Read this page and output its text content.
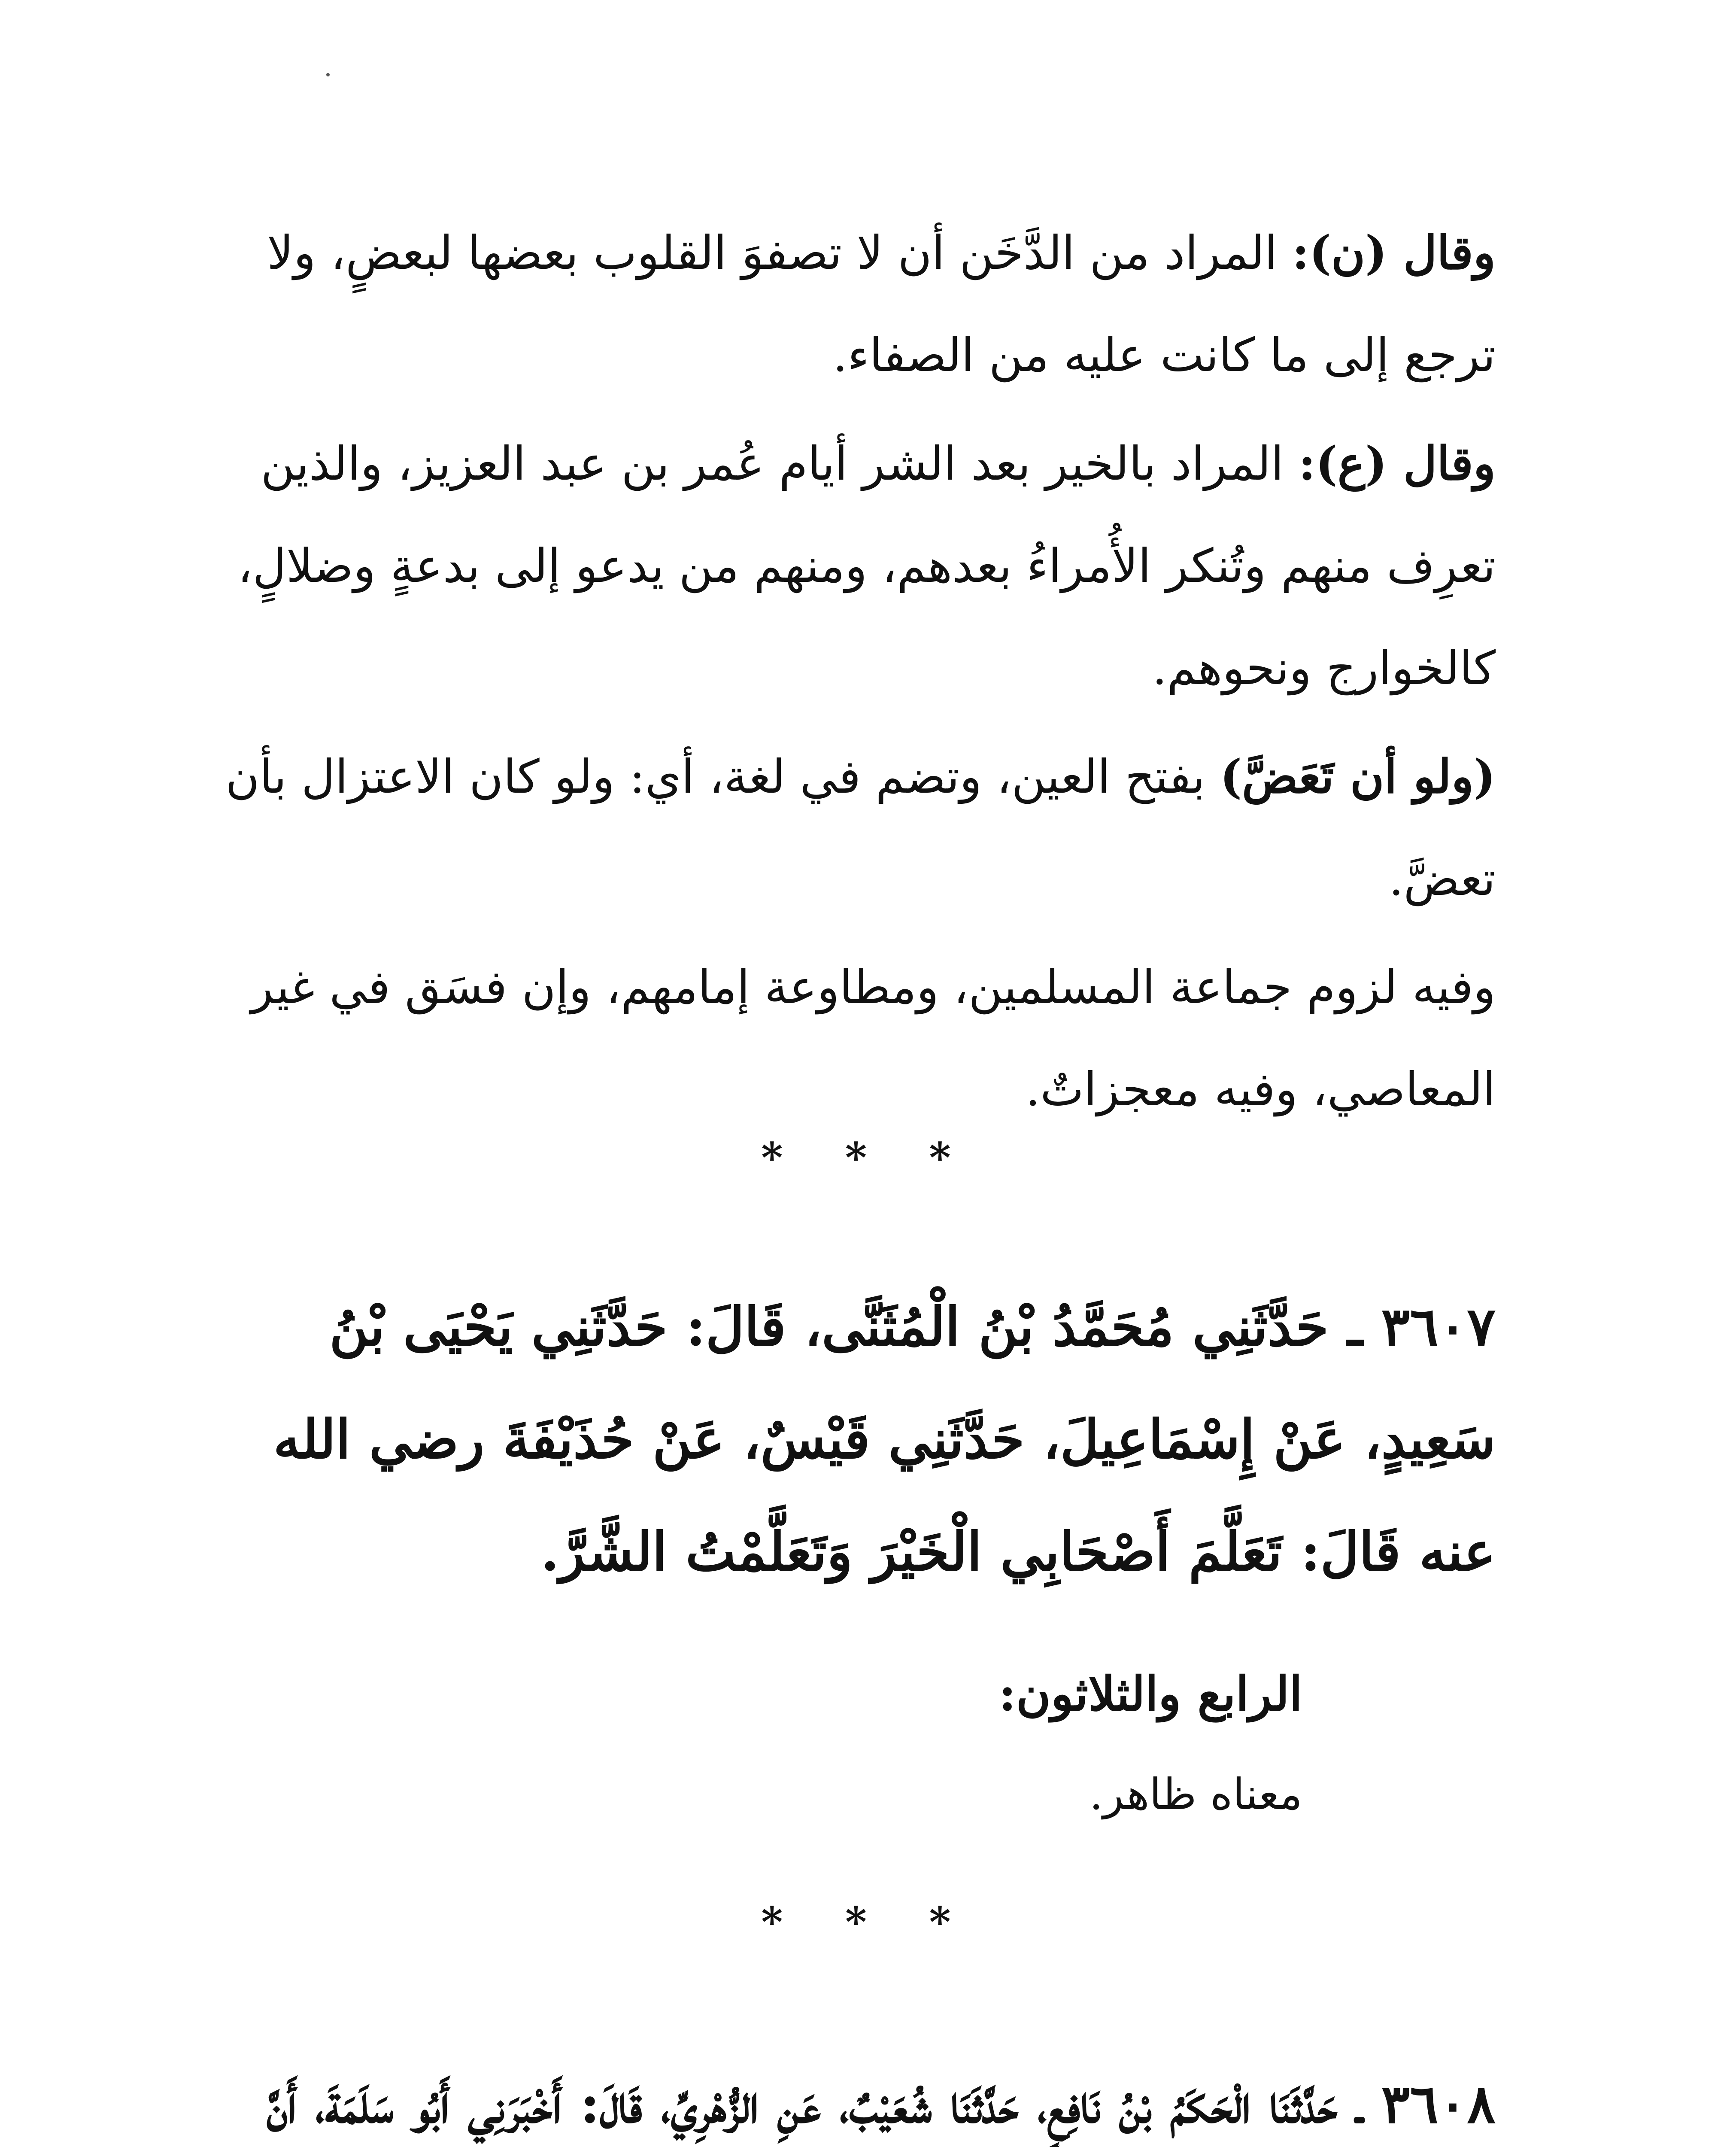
وقال (ن): المراد من الدَّخَن أن لا تصفوَ القلوب بعضها لبعضٍ، ولا ترجع إلى ما كانت عليه من الصفاء.

وقال (ع): المراد بالخير بعد الشر أيام عُمر بن عبد العزيز، والذين تعرِف منهم وتُنكر الأُمراءُ بعدهم، ومنهم من يدعو إلى بدعةٍ وضلالٍ، كالخوارج ونحوهم.

(ولو أن تَعَضَّ) بفتح العين، وتضم في لغة، أي: ولو كان الاعتزال بأن تعضَّ.

وفيه لزوم جماعة المسلمين، ومطاوعة إمامهم، وإن فسَق في غير المعاصي، وفيه معجزاتٌ.

* * *

٣٦٠٧ ـ حَدَّثَنِي مُحَمَّدُ بْنُ الْمُثَنَّى، قَالَ: حَدَّثَنِي يَحْيَى بْنُ سَعِيدٍ، عَنْ إِسْمَاعِيلَ، حَدَّثَنِي قَيْسٌ، عَنْ حُذَيْفَةَ رضي الله عنه قَالَ: تَعَلَّمَ أَصْحَابِي الْخَيْرَ وَتَعَلَّمْتُ الشَّرَّ.

الرابع والثلاثون:

معناه ظاهر.

* * *

٣٦٠٨ ـ حَدَّثَنَا الْحَكَمُ بْنُ نَافِعٍ، حَدَّثَنَا شُعَيْبٌ، عَنِ الزُّهْرِيِّ، قَالَ: أَخْبَرَنِي أَبُو سَلَمَةَ، أَنَّ
